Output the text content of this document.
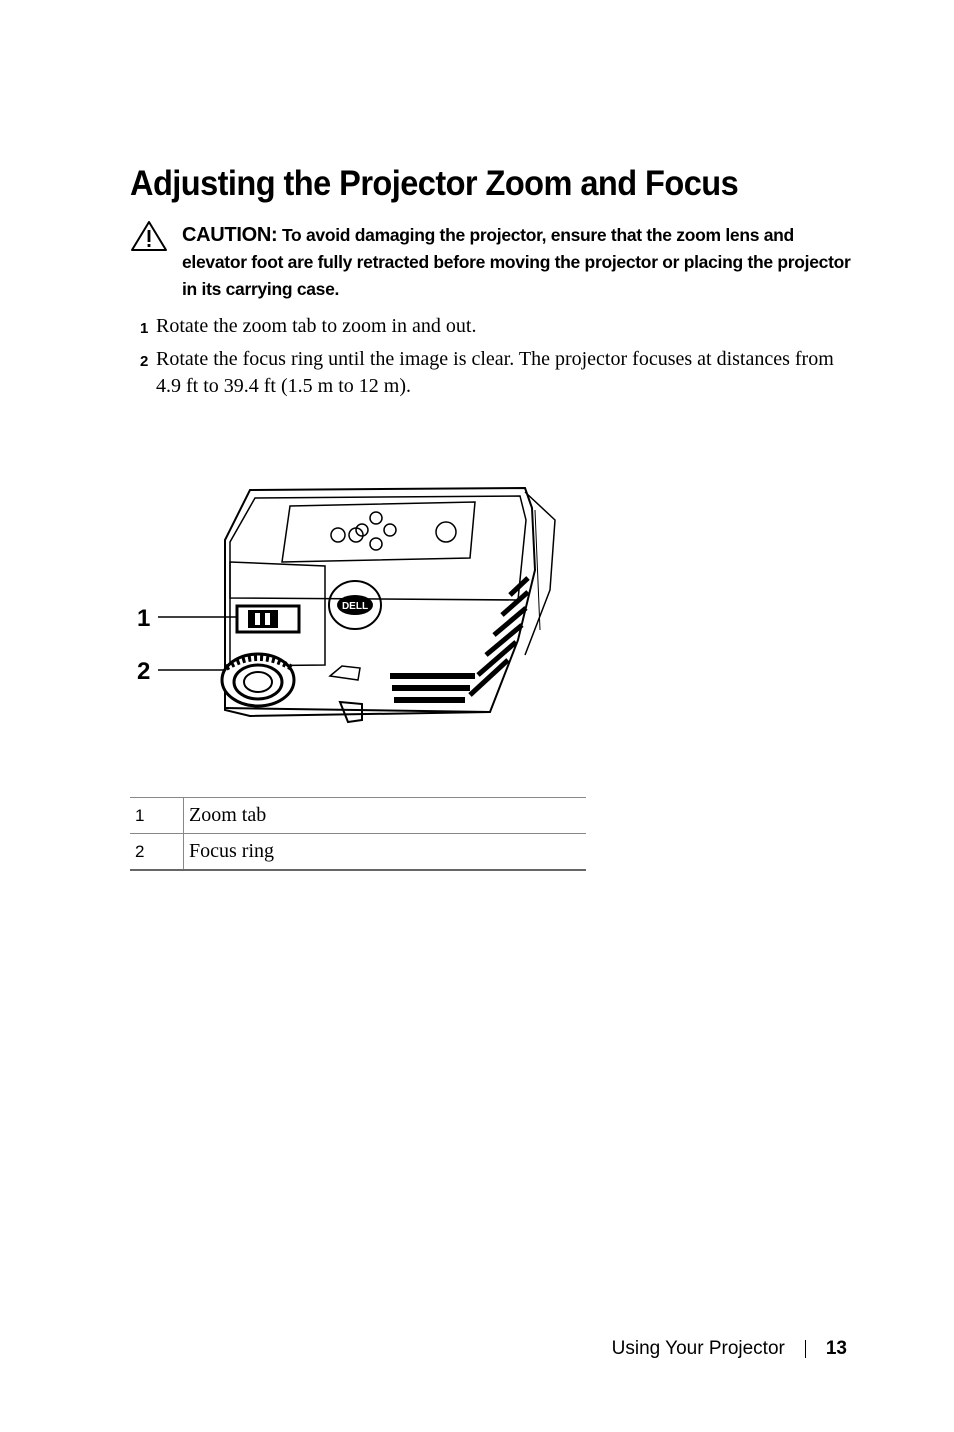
Adjusting the Projector Zoom and Focus
CAUTION: To avoid damaging the projector, ensure that the zoom lens and elevator foot are fully retracted before moving the projector or placing the projector in its carrying case.
1 Rotate the zoom tab to zoom in and out.
2 Rotate the focus ring until the image is clear. The projector focuses at distances from 4.9 ft to 39.4 ft (1.5 m to 12 m).
DELL
1
2
1	Zoom tab
2	Focus ring
Using Your Projector 13
